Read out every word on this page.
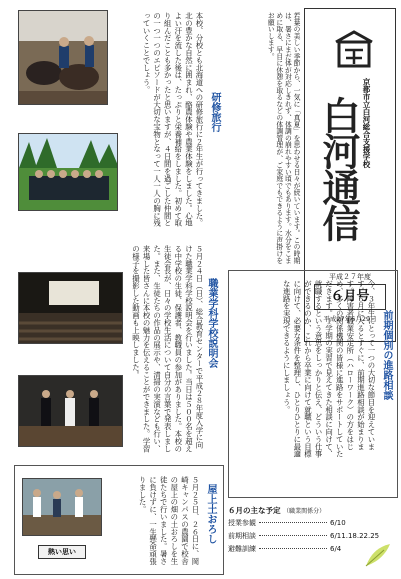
京都市立白河総合支援学校
白河通信
平成２７年度
６月号
平成27年6月29日
若葉の美しい季節から、一気に「真夏」を思わせる日々が続いています。この時期は、暑さにまだ体が対応しきれず、体調の崩れやすい頃でもあります。水分をこまめに取る、早目に休憩を取るなどの体調管理が、ご家庭でもできるように声掛けをお願いします。
研修旅行
本校、分校とも北海道への研修旅行に２年生が行ってきました。北の豊かな自然に囲まれ、酪農体験や農業体験をしました。心地よい汗を流した後は、たっぷりと栄養補給をしました。初めて取り組んだことも多かったと思いますが、４日間を過ごした仲間との一つ一つのエピソードが大切な宝物となって一人一人の胸に残っていくことでしょう。
前期個別の進路相談
今、３年生にとって一つの大切な節目を迎えています。６月に入るとすぐに、前期進路相談が始まります。障害者職業安定所（ハローワーク）の方をはじめ、多くの関係機関の皆様に進路をサポートしていただきます。１学期の実習で見えてきた相談に向けて、就職するという意思をしっかりと伝え、どういう仕事ができるのか、これから卒業に向けて就職という目標に向けて、必要な条件を整理し、ひとりひとりに最適な進路を実現できるようにしましょう。
職業学科学校説明会
５月２４日（日）、総合教育センターで平成２８年度入学に向けた職業学科学校説明会を行いました。当日は５００名を超える中学校の生徒、保護者、教職員の参加がありました。本校の生徒会長が、日々の学校生活について自分の言葉で発表しました。また、生徒たちの作品の展示や、清掃の実演なども行い、来場した皆さんに本校の魅力を伝えることができました。学習の様子を撮影した動画も上映しました。
熱い思い
屋上土おろし
５月２５日、２６日に、岡崎キャンパスの農園で校舎の屋上の畑の土おろしを生徒たちで行いました。暑さに負けずに、一生懸命頑張りました。	６月の主な予定 （職業関係分）
授業参観	6/10
前期相談	6/11.18.22.25
避難訓練	6/4
